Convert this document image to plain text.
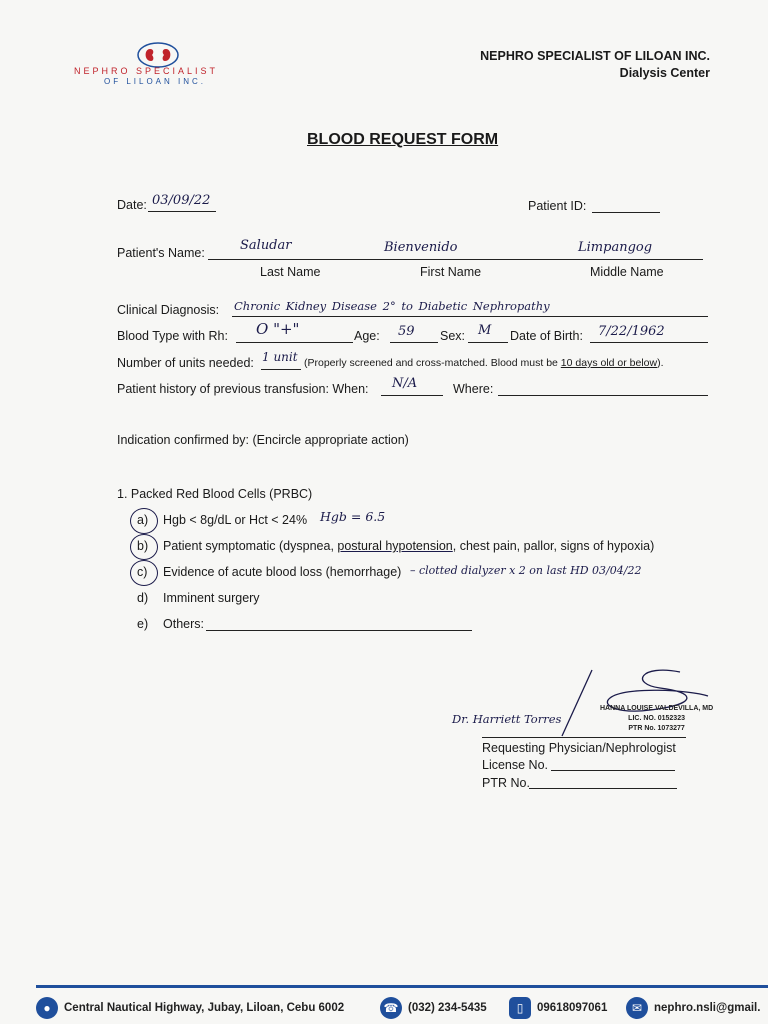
NEPHRO SPECIALIST
OF LILOAN INC.
NEPHRO SPECIALIST OF LILOAN INC.
Dialysis Center
BLOOD REQUEST FORM
Date: 03/09/22	Patient ID:
Patient's Name:	Saludar	Bienvenido	Limpangog
Last Name	First Name	Middle Name
Clinical Diagnosis: Chronic Kidney Disease 2° to Diabetic Nephropathy
Blood Type with Rh: O "+"	Age: 59 Sex: M Date of Birth: 7/22/1962
Number of units needed: 1 unit (Properly screened and cross-matched. Blood must be 10 days old or below).
Patient history of previous transfusion: When: N/A	Where:
Indication confirmed by: (Encircle appropriate action)
1. Packed Red Blood Cells (PRBC)
a) Hgb < 8g/dL or Hct < 24% Hgb = 6.5
b) Patient symptomatic (dyspnea, postural hypotension, chest pain, pallor, signs of hypoxia)
c) Evidence of acute blood loss (hemorrhage) – clotted dialyzer x 2 on last HD 03/04/22
d) Imminent surgery
e) Others:
Dr. Harriett Torres
HANNA LOUISE VALDEVILLA, MD
LIC. NO. 0152323
PTR No. 1073277
Requesting Physician/Nephrologist
License No.
PTR No.
●	Central Nautical Highway, Jubay, Liloan, Cebu 6002	☎ (032) 234-5435	▯	09618097061	✉	nephro.nsli@gmail.
